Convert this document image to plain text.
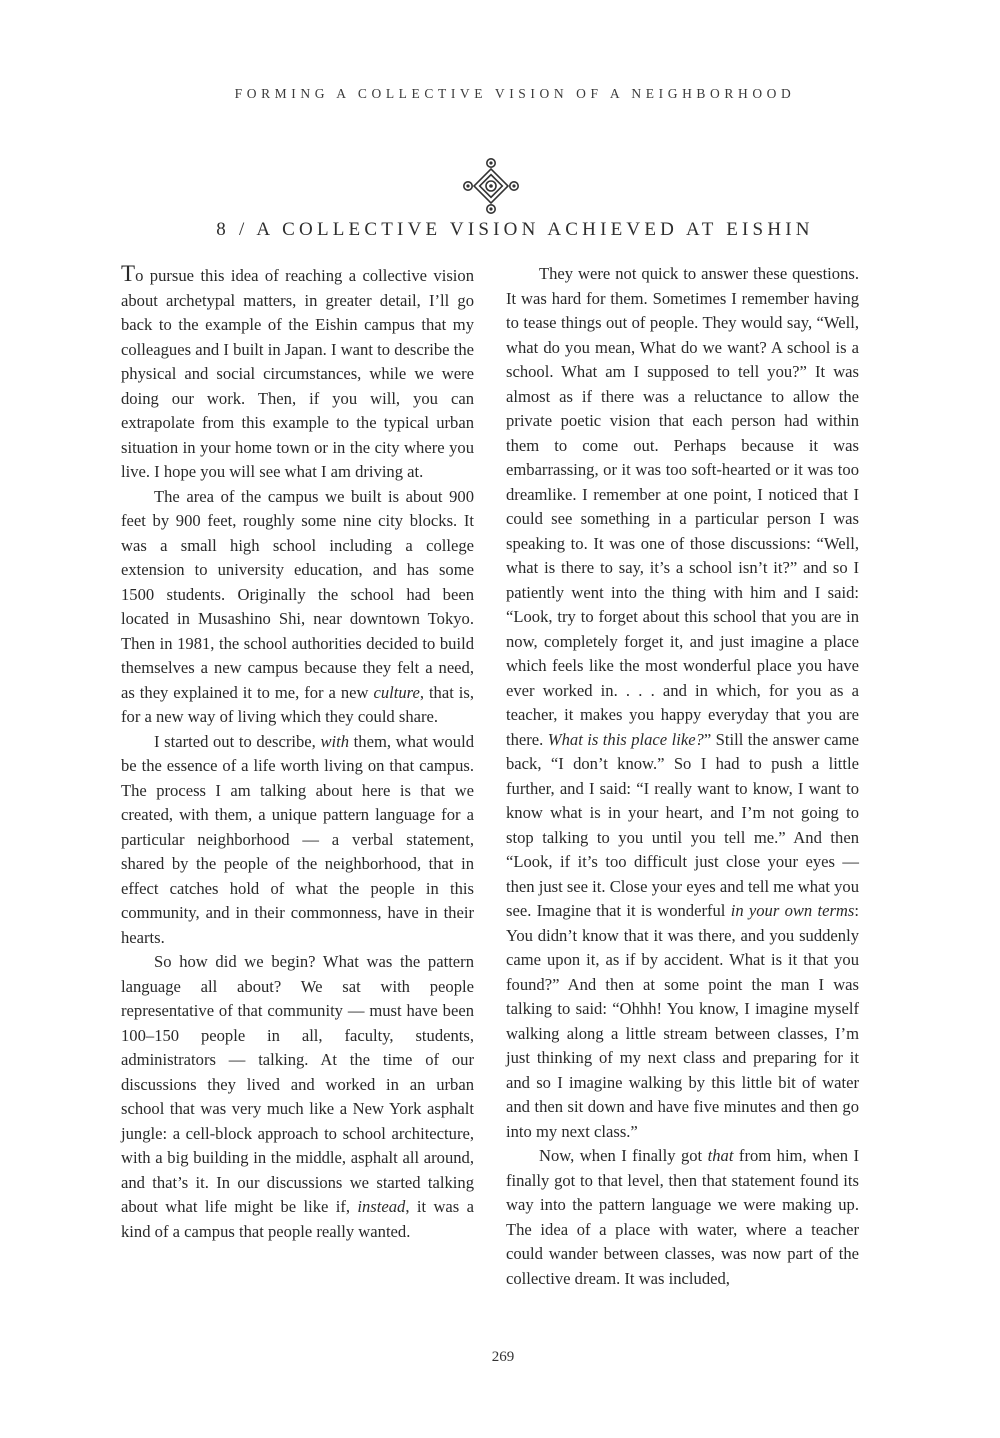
FORMING A COLLECTIVE VISION OF A NEIGHBORHOOD
8 / A COLLECTIVE VISION ACHIEVED AT EISHIN

To pursue this idea of reaching a collective vision about archetypal matters, in greater detail, I’ll go back to the example of the Eishin campus that my colleagues and I built in Japan. I want to describe the physical and social circumstances, while we were doing our work. Then, if you will, you can extrapolate from this example to the typical urban situation in your home town or in the city where you live. I hope you will see what I am driving at.

The area of the campus we built is about 900 feet by 900 feet, roughly some nine city blocks. It was a small high school including a college extension to university education, and has some 1500 students. Originally the school had been located in Musashino Shi, near downtown Tokyo. Then in 1981, the school authorities decided to build themselves a new campus because they felt a need, as they explained it to me, for a new culture, that is, for a new way of living which they could share.

I started out to describe, with them, what would be the essence of a life worth living on that campus. The process I am talking about here is that we created, with them, a unique pattern language for a particular neighborhood — a verbal statement, shared by the people of the neighborhood, that in effect catches hold of what the people in this community, and in their commonness, have in their hearts.

So how did we begin? What was the pattern language all about? We sat with people representative of that community — must have been 100–150 people in all, faculty, students, administrators — talking. At the time of our discussions they lived and worked in an urban school that was very much like a New York asphalt jungle: a cell-block approach to school architecture, with a big building in the middle, asphalt all around, and that’s it. In our discussions we started talking about what life might be like if, instead, it was a kind of a campus that people really wanted.

They were not quick to answer these questions. It was hard for them. Sometimes I remember having to tease things out of people. They would say, “Well, what do you mean, What do we want? A school is a school. What am I supposed to tell you?” It was almost as if there was a reluctance to allow the private poetic vision that each person had within them to come out. Perhaps because it was embarrassing, or it was too soft-hearted or it was too dreamlike. I remember at one point, I noticed that I could see something in a particular person I was speaking to. It was one of those discussions: “Well, what is there to say, it’s a school isn’t it?” and so I patiently went into the thing with him and I said: “Look, try to forget about this school that you are in now, completely forget it, and just imagine a place which feels like the most wonderful place you have ever worked in. . . . and in which, for you as a teacher, it makes you happy everyday that you are there. What is this place like?” Still the answer came back, “I don’t know.” So I had to push a little further, and I said: “I really want to know, I want to know what is in your heart, and I’m not going to stop talking to you until you tell me.” And then “Look, if it’s too difficult just close your eyes — then just see it. Close your eyes and tell me what you see. Imagine that it is wonderful in your own terms: You didn’t know that it was there, and you suddenly came upon it, as if by accident. What is it that you found?” And then at some point the man I was talking to said: “Ohhh! You know, I imagine myself walking along a little stream between classes, I’m just thinking of my next class and preparing for it and so I imagine walking by this little bit of water and then sit down and have five minutes and then go into my next class.”

Now, when I finally got that from him, when I finally got to that level, then that statement found its way into the pattern language we were making up. The idea of a place with water, where a teacher could wander between classes, was now part of the collective dream. It was included,

269
